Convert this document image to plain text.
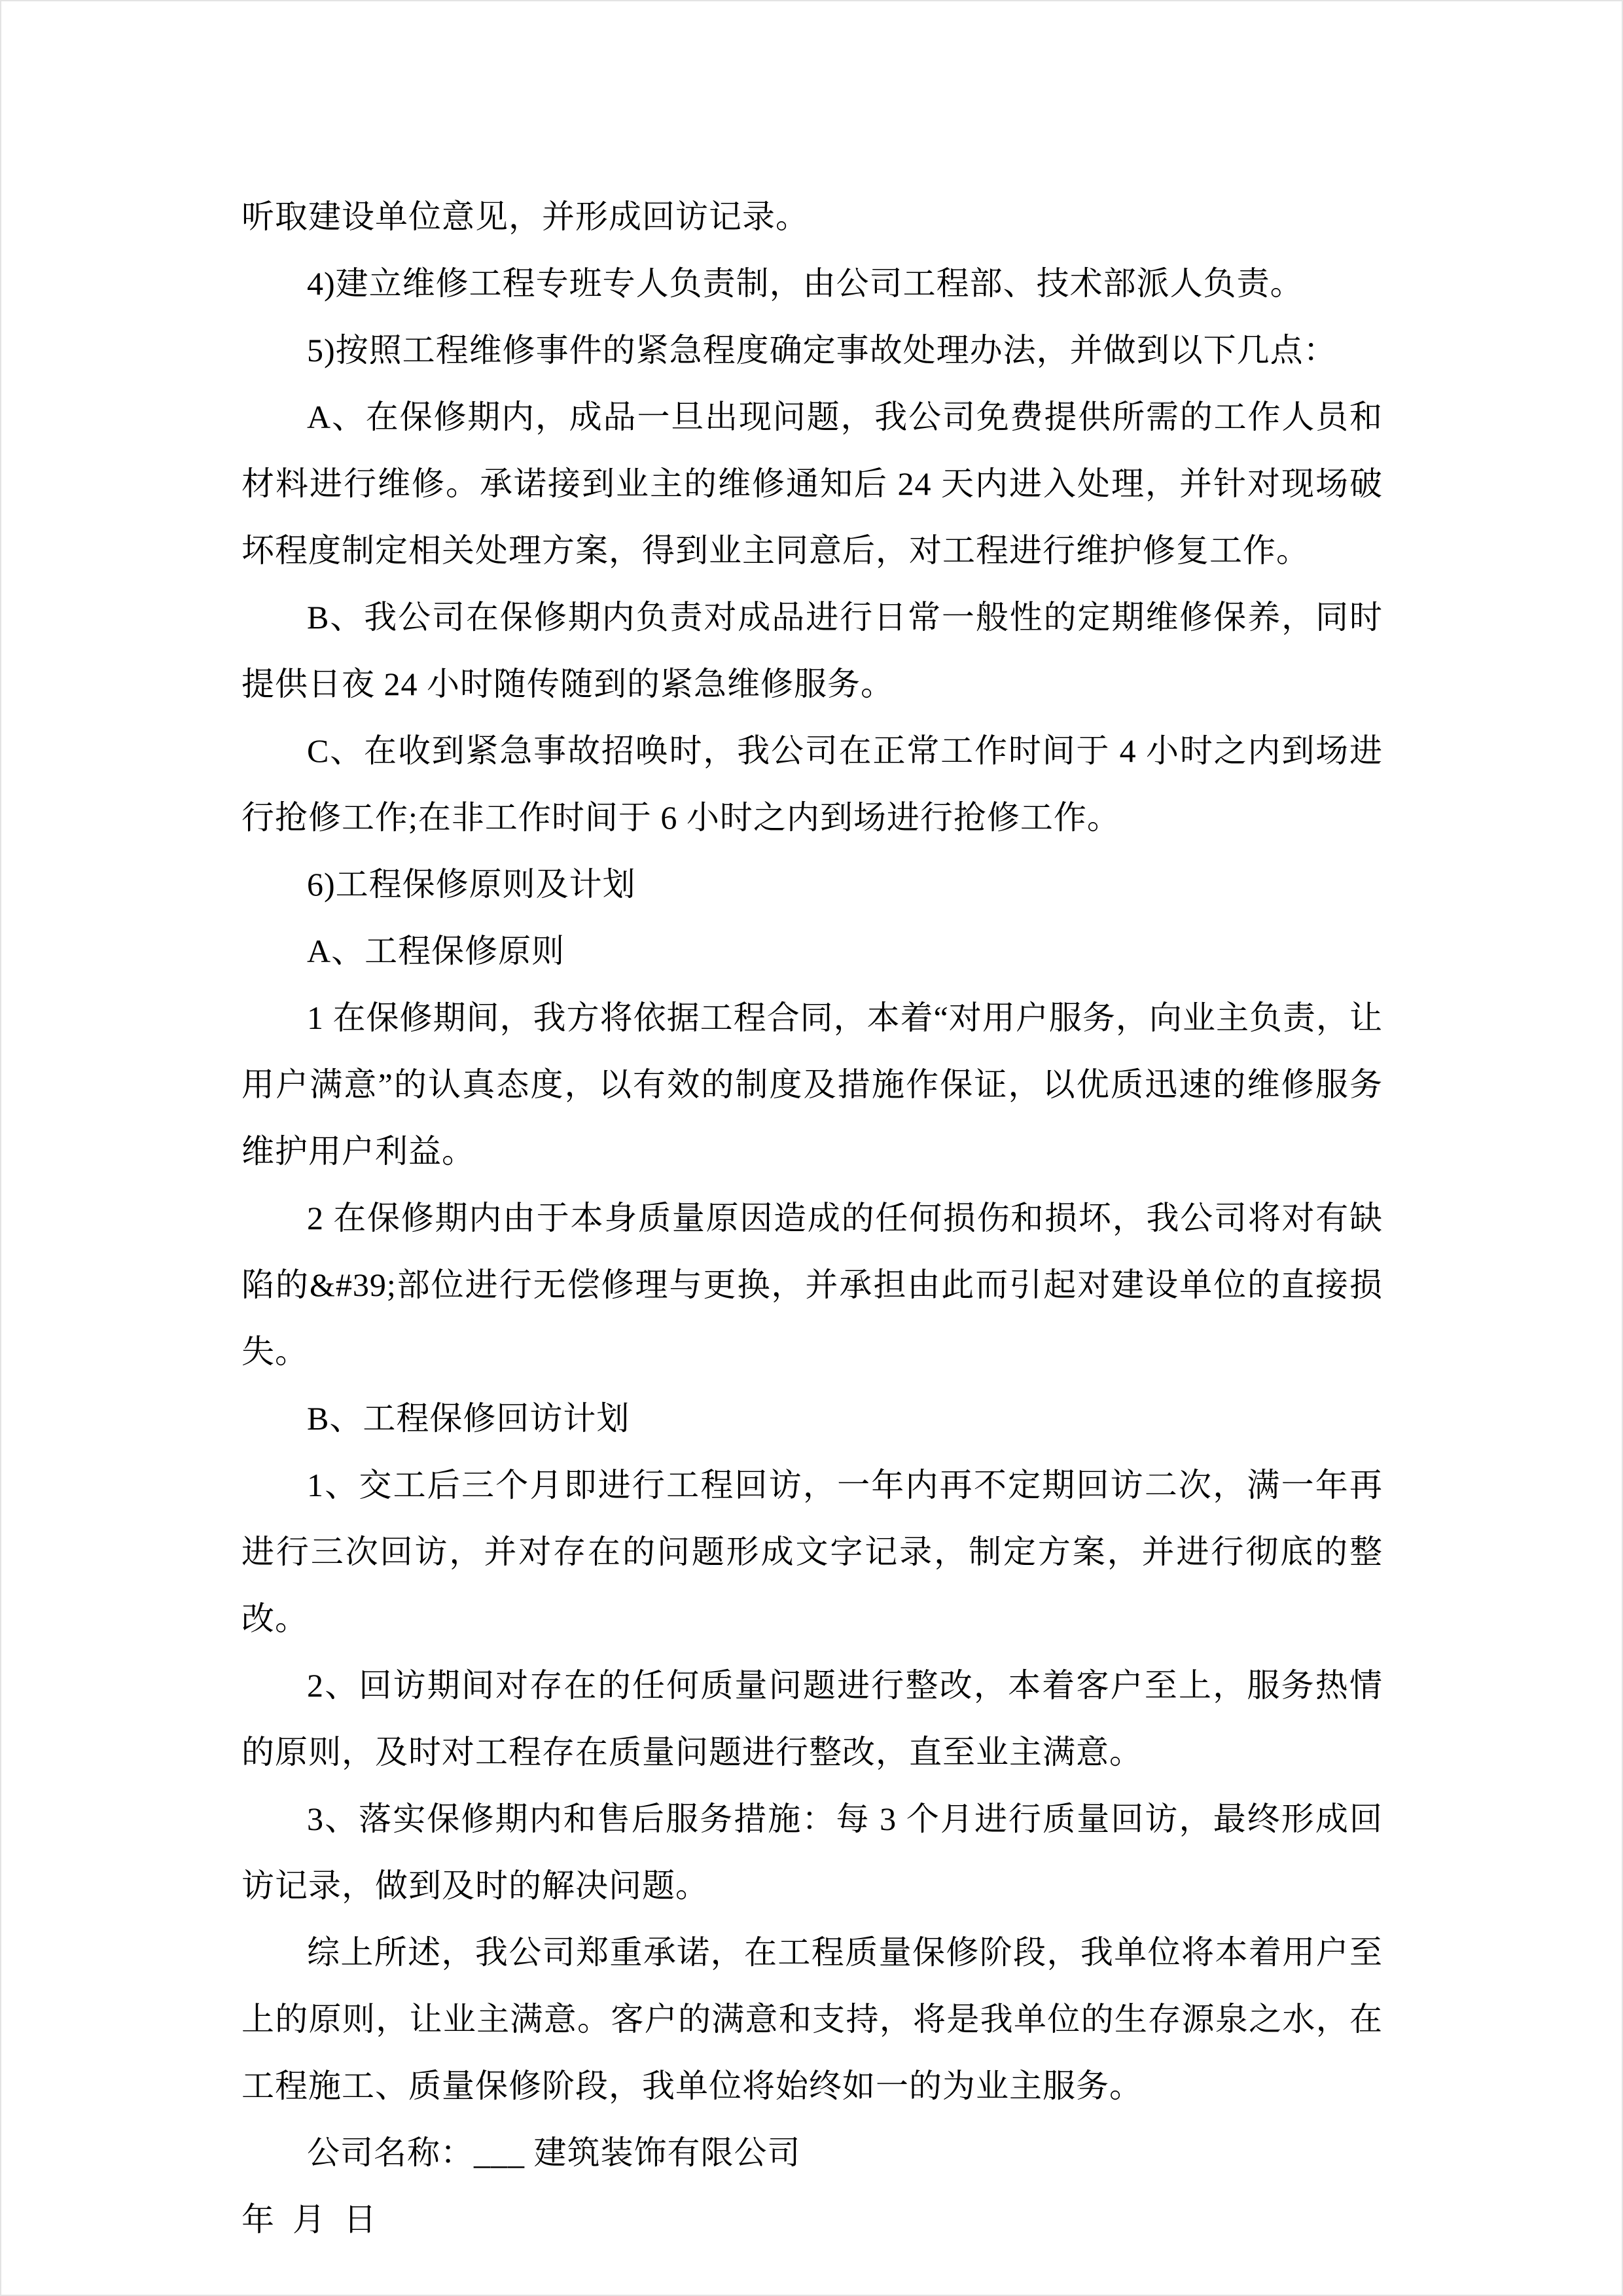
听取建设单位意见，并形成回访记录。

4)建立维修工程专班专人负责制，由公司工程部、技术部派人负责。

5)按照工程维修事件的紧急程度确定事故处理办法，并做到以下几点：

A、在保修期内，成品一旦出现问题，我公司免费提供所需的工作人员和材料进行维修。承诺接到业主的维修通知后 24 天内进入处理，并针对现场破坏程度制定相关处理方案，得到业主同意后，对工程进行维护修复工作。

B、我公司在保修期内负责对成品进行日常一般性的定期维修保养，同时提供日夜 24 小时随传随到的紧急维修服务。

C、在收到紧急事故招唤时，我公司在正常工作时间于 4 小时之内到场进行抢修工作;在非工作时间于 6 小时之内到场进行抢修工作。

6)工程保修原则及计划

A、工程保修原则

1 在保修期间，我方将依据工程合同，本着“对用户服务，向业主负责，让用户满意”的认真态度，以有效的制度及措施作保证，以优质迅速的维修服务维护用户利益。

2 在保修期内由于本身质量原因造成的任何损伤和损坏，我公司将对有缺陷的&#39;部位进行无偿修理与更换，并承担由此而引起对建设单位的直接损失。

B、工程保修回访计划

1、交工后三个月即进行工程回访，一年内再不定期回访二次，满一年再进行三次回访，并对存在的问题形成文字记录，制定方案，并进行彻底的整改。

2、回访期间对存在的任何质量问题进行整改，本着客户至上，服务热情的原则，及时对工程存在质量问题进行整改，直至业主满意。

3、落实保修期内和售后服务措施：每 3 个月进行质量回访，最终形成回访记录，做到及时的解决问题。

综上所述，我公司郑重承诺，在工程质量保修阶段，我单位将本着用户至上的原则，让业主满意。客户的满意和支持，将是我单位的生存源泉之水，在工程施工、质量保修阶段，我单位将始终如一的为业主服务。

公司名称：___ 建筑装饰有限公司

年  月  日
